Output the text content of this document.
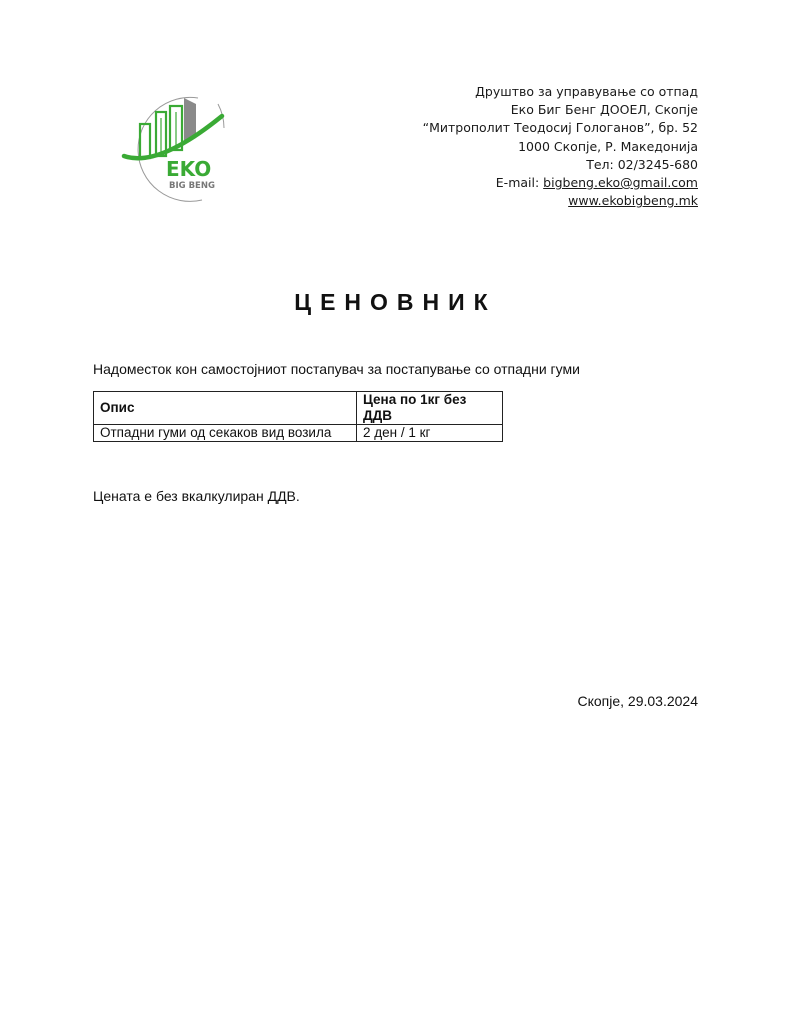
EKO
BIG BENG
Друштво за управување со отпад
Еко Биг Бенг ДООЕЛ, Скопје
“Митрополит Теодосиј Гологанов”, бр. 52
1000 Скопје, Р. Македонија
Тел: 02/3245-680
E-mail: bigbeng.eko@gmail.com
www.ekobigbeng.mk
ЦЕНОВНИК
Надоместок кон самостојниот постапувач за постапување со отпадни гуми
Опис	Цена по 1кг без ДДВ
Отпадни гуми од секаков вид возила	2 ден / 1 кг
Цената е без вкалкулиран ДДВ.
Скопје, 29.03.2024
